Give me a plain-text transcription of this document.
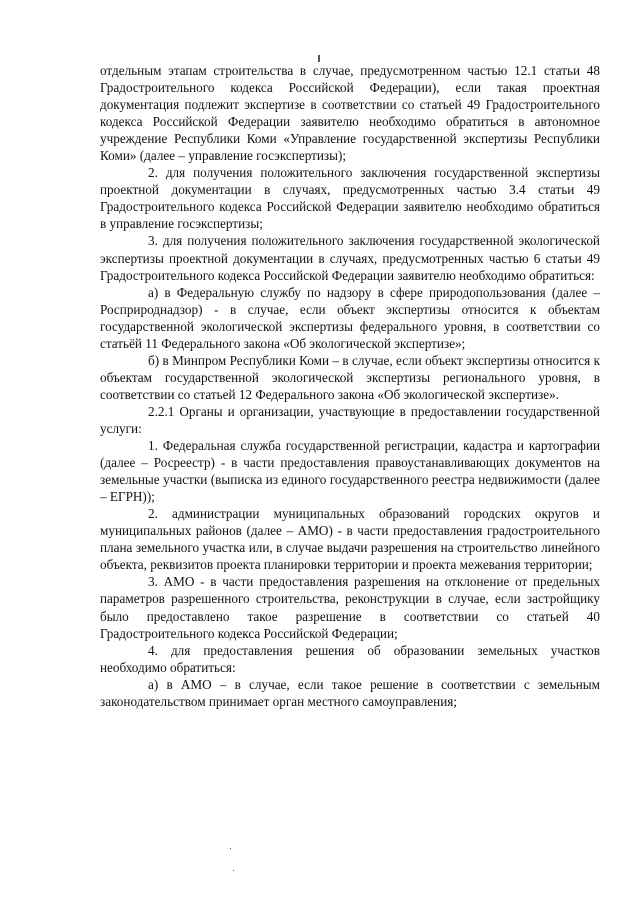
отдельным этапам строительства в случае, предусмотренном частью 12.1 статьи 48 Градостроительного кодекса Российской Федерации), если такая проектная документация подлежит экспертизе в соответствии со статьей 49 Градостроительного кодекса Российской Федерации заявителю необходимо обратиться в автономное учреждение Республики Коми «Управление государственной экспертизы Республики Коми» (далее – управление госэкспертизы);

2. для получения положительного заключения государственной экспертизы проектной документации в случаях, предусмотренных частью 3.4 статьи 49 Градостроительного кодекса Российской Федерации заявителю необходимо обратиться в управление госэкспертизы;

3. для получения положительного заключения государственной экологической экспертизы проектной документации в случаях, предусмотренных частью 6 статьи 49 Градостроительного кодекса Российской Федерации заявителю необходимо обратиться:

а) в Федеральную службу по надзору в сфере природопользования (далее – Росприроднадзор) - в случае, если объект экспертизы относится к объектам государственной экологической экспертизы федерального уровня, в соответствии со статьёй 11 Федерального закона «Об экологической экспертизе»;

б) в Минпром Республики Коми – в случае, если объект экспертизы относится к объектам государственной экологической экспертизы регионального уровня, в соответствии со статьей 12 Федерального закона «Об экологической экспертизе».

2.2.1 Органы и организации, участвующие в предоставлении государственной услуги:

1. Федеральная служба государственной регистрации, кадастра и картографии (далее – Росреестр) - в части предоставления правоустанавливающих документов на земельные участки (выписка из единого государственного реестра недвижимости (далее – ЕГРН));

2. администрации муниципальных образований городских округов и муниципальных районов (далее – АМО) - в части предоставления градостроительного плана земельного участка или, в случае выдачи разрешения на строительство линейного объекта, реквизитов проекта планировки территории и проекта межевания территории;

3. АМО - в части предоставления разрешения на отклонение от предельных параметров разрешенного строительства, реконструкции в случае, если застройщику было предоставлено такое разрешение в соответствии со статьей 40 Градостроительного кодекса Российской Федерации;

4. для предоставления решения об образовании земельных участков необходимо обратиться:

а) в АМО – в случае, если такое решение в соответствии с земельным законодательством принимает орган местного самоуправления;
